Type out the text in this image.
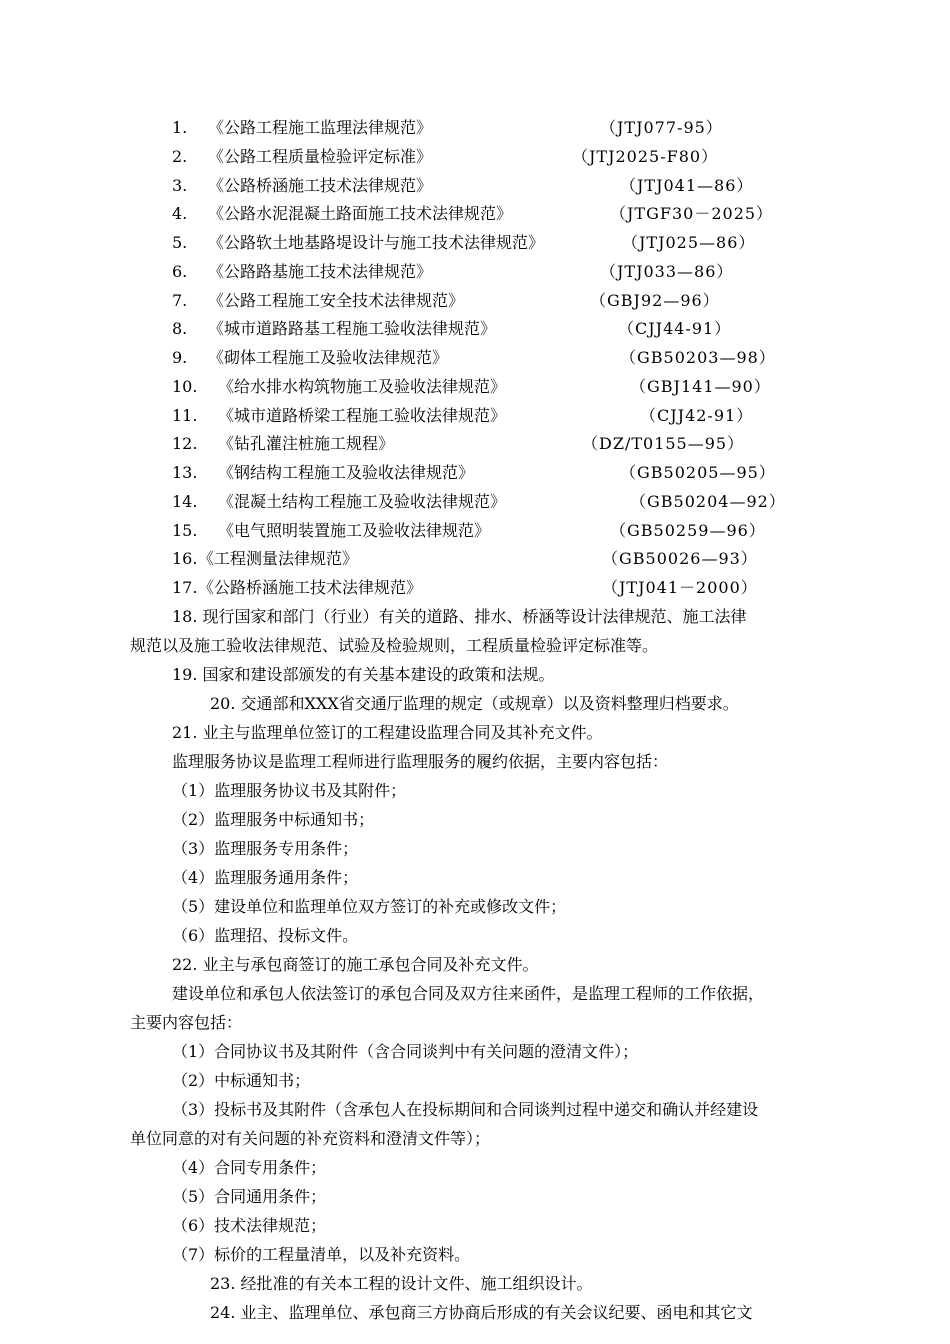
1. 《公路工程施工监理法律规范》	（JTJ077-95）
2. 《公路工程质量检验评定标准》	（JTJ2025-F80）
3. 《公路桥涵施工技术法律规范》	（JTJ041—86）
4. 《公路水泥混凝土路面施工技术法律规范》	（JTGF30－2025）
5. 《公路软土地基路堤设计与施工技术法律规范》	（JTJ025—86）
6. 《公路路基施工技术法律规范》	（JTJ033—86）
7. 《公路工程施工安全技术法律规范》	（GBJ92—96）
8. 《城市道路路基工程施工验收法律规范》	（CJJ44-91）
9. 《砌体工程施工及验收法律规范》	（GB50203—98）
10. 《给水排水构筑物施工及验收法律规范》	（GBJ141—90）
11. 《城市道路桥梁工程施工验收法律规范》	（CJJ42-91）
12. 《钻孔灌注桩施工规程》	（DZ/T0155—95）
13. 《钢结构工程施工及验收法律规范》	（GB50205—95）
14. 《混凝土结构工程施工及验收法律规范》	（GB50204—92）
15. 《电气照明装置施工及验收法律规范》	（GB50259—96）
16. 《工程测量法律规范》	（GB50026—93）
17. 《公路桥涵施工技术法律规范》	（JTJ041－2000）
18. 现行国家和部门（行业）有关的道路、排水、桥涵等设计法律规范、施工法律
规范以及施工验收法律规范、试验及检验规则，工程质量检验评定标准等。
19. 国家和建设部颁发的有关基本建设的政策和法规。
20. 交通部和XXX省交通厅监理的规定（或规章）以及资料整理归档要求。
21. 业主与监理单位签订的工程建设监理合同及其补充文件。
监理服务协议是监理工程师进行监理服务的履约依据，主要内容包括：
（1）监理服务协议书及其附件；
（2）监理服务中标通知书；
（3）监理服务专用条件；
（4）监理服务通用条件；
（5）建设单位和监理单位双方签订的补充或修改文件；
（6）监理招、投标文件。
22. 业主与承包商签订的施工承包合同及补充文件。
建设单位和承包人依法签订的承包合同及双方往来函件，是监理工程师的工作依据，
主要内容包括：
（1）合同协议书及其附件（含合同谈判中有关问题的澄清文件）；
（2）中标通知书；
（3）投标书及其附件（含承包人在投标期间和合同谈判过程中递交和确认并经建设
单位同意的对有关问题的补充资料和澄清文件等）；
（4）合同专用条件；
（5）合同通用条件；
（6）技术法律规范；
（7）标价的工程量清单，以及补充资料。
23. 经批准的有关本工程的设计文件、施工组织设计。
24. 业主、监理单位、承包商三方协商后形成的有关会议纪要、函电和其它文
